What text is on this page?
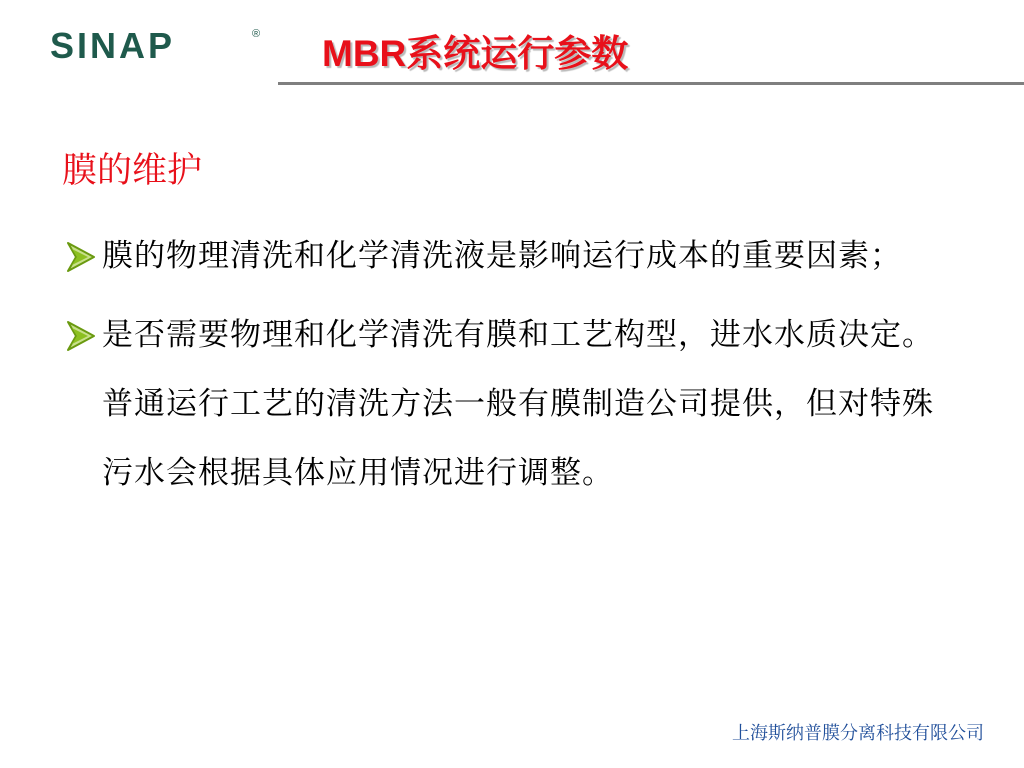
SINAP	® MBR系统运行参数
膜的维护
膜的物理清洗和化学清洗液是影响运行成本的重要因素；
是否需要物理和化学清洗有膜和工艺构型，进水水质决定。普通运行工艺的清洗方法一般有膜制造公司提供，但对特殊污水会根据具体应用情况进行调整。
上海斯纳普膜分离科技有限公司
